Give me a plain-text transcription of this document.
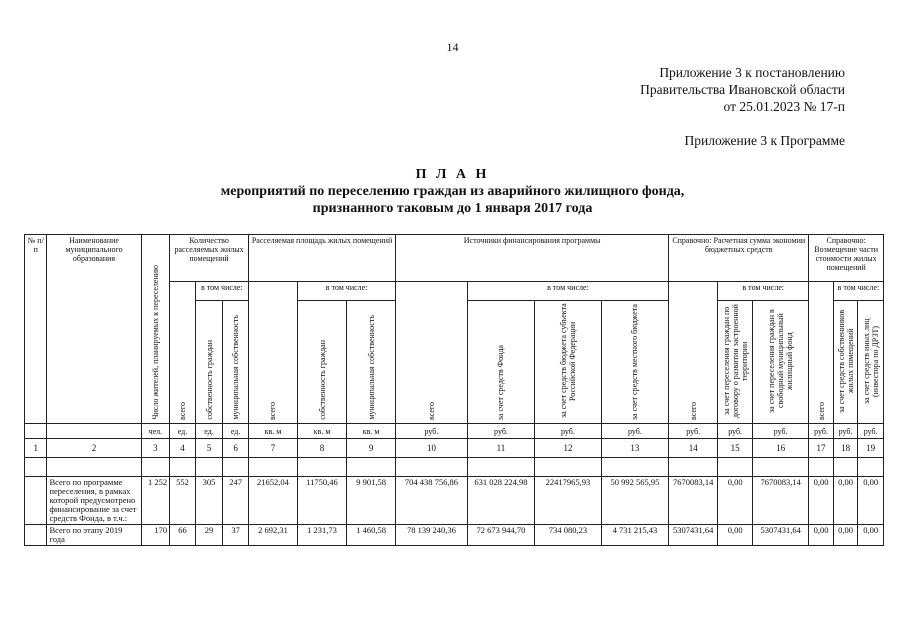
14
Приложение 3 к постановлению
Правительства Ивановской области
от 25.01.2023 № 17-п
Приложение 3 к Программе
П Л А Н
мероприятий по переселению граждан из аварийного жилищного фонда,
признанного таковым до 1 января 2017 года
№ п/п	Наименование муниципального образования	Число жителей, планируемых к переселению	Количество расселяемых жилых помещений			Расселяемая площадь жилых помещений			Источники финансирования программы				Справочно: Расчетная сумма экономии бюджетных средств			Справочно: Возмещение части стоимости жилых помещений		
			всего	в том числе:		всего	в том числе:		всего	в том числе:			всего	в том числе:		всего	в том числе:	
				собственность граждан	муниципальная собственность		собственность граждан	муниципальная собственность		за счет средств Фонда	за счет средств бюджета субъекта Российской Федерации	за счет средств местного бюджета		за счет переселения граждан по договору о развитии застроенной территории	за счет переселения граждан в свободный муниципальный жилищный фонд		за счет средств собственников жилых помещений	за счет средств иных лиц (инвестора по ДРЗТ)
		чел.	ед.	ед.	ед.	кв. м	кв. м	кв. м	руб.	руб.	руб.	руб.	руб.	руб.	руб.	руб.	руб.	руб.
1	2	3	4	5	6	7	8	9	10	11	12	13	14	15	16	17	18	19

	Всего по программе переселения, в рамках которой предусмотрено финансирование за счет средств Фонда, в т.ч.:	1 252	552	305	247	21652,04	11750,46	9 901,58	704 438 756,86	631 028 224,98	22417965,93	50 992 565,95	7670083,14	0,00	7670083,14	0,00	0,00	0,00
	Всего по этапу 2019 года	170	66	29	37	2 692,31	1 231,73	1 460,58	78 139 240,36	72 673 944,70	734 080,23	4 731 215,43	5307431,64	0,00	5307431,64	0,00	0,00	0,00
